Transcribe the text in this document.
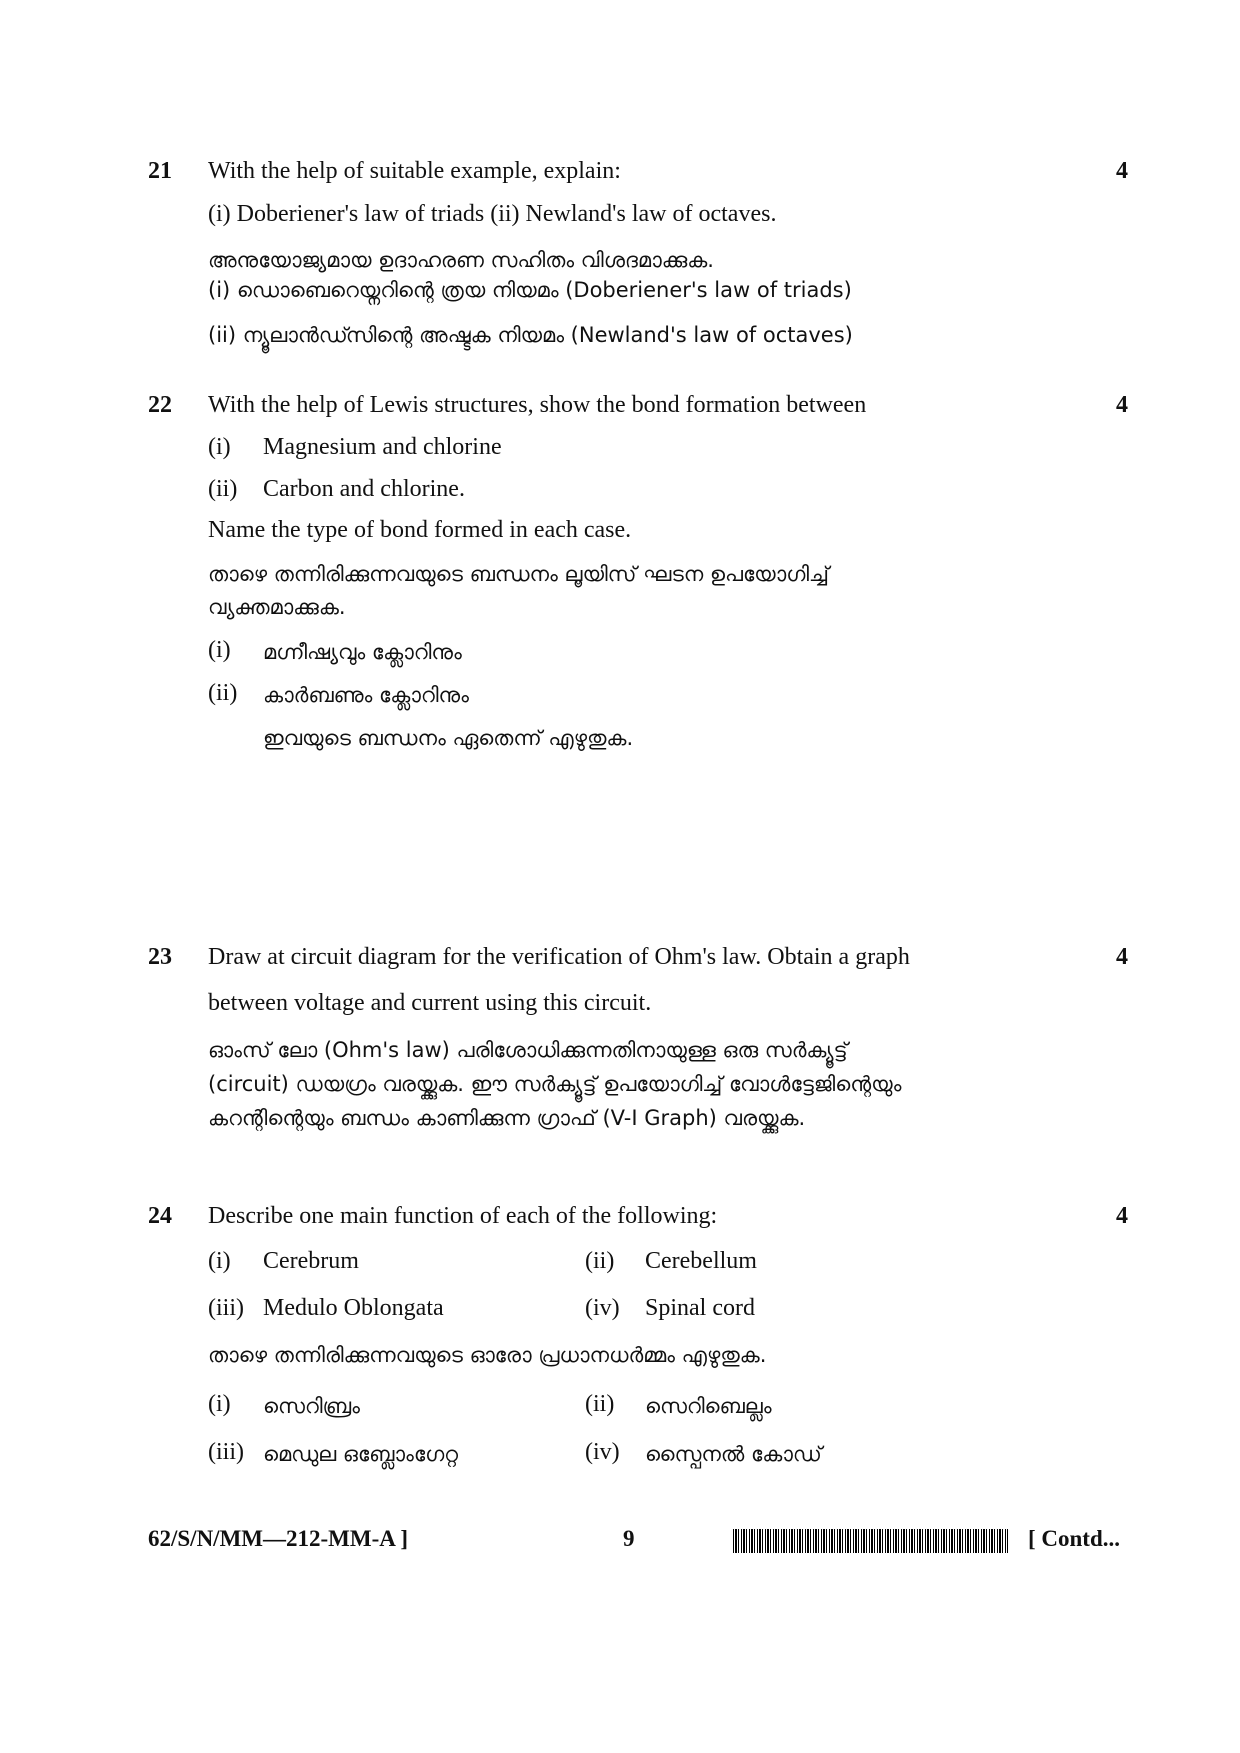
21	4
With the help of suitable example, explain:
(i) Doberiener's law of triads (ii) Newland's law of octaves.
അനുയോജ്യമായ ഉദാഹരണ സഹിതം വിശദമാക്കുക.
(i) ഡൊബെറെയ്നറിന്റെ ത്രയ നിയമം (Doberiener's law of triads)
(ii) ന്യൂലാൻഡ്സിന്റെ അഷ്ടക നിയമം (Newland's law of octaves)
22	4
With the help of Lewis structures, show the bond formation between
(i) Magnesium and chlorine
(ii) Carbon and chlorine.
Name the type of bond formed in each case.
താഴെ തന്നിരിക്കുന്നവയുടെ ബന്ധനം ലൂയിസ് ഘടന ഉപയോഗിച്ച്
വ്യക്തമാക്കുക.
(i) മഗ്നീഷ്യവും ക്ലോറിനും
(ii) കാർബണും ക്ലോറിനും
ഇവയുടെ ബന്ധനം ഏതെന്ന് എഴുതുക.
23	4
Draw at circuit diagram for the verification of Ohm's law. Obtain a graph
between voltage and current using this circuit.
ഓംസ് ലോ (Ohm's law) പരിശോധിക്കുന്നതിനായുള്ള ഒരു സർക്യൂട്ട്
(circuit) ഡയഗ്രം വരയ്ക്കുക. ഈ സർക്യൂട്ട് ഉപയോഗിച്ച് വോൾട്ടേജിന്റെയും
കറന്റിന്റെയും ബന്ധം കാണിക്കുന്ന ഗ്രാഫ് (V-I Graph) വരയ്ക്കുക.
24	4
Describe one main function of each of the following:
(i) Cerebrum	(ii) Cerebellum
(iii) Medulo Oblongata	(iv) Spinal cord
താഴെ തന്നിരിക്കുന്നവയുടെ ഓരോ പ്രധാനധർമ്മം എഴുതുക.
(i) സെറിബ്രം	(ii) സെറിബെല്ലം
(iii) മെഡുല ഒബ്ലോംഗേറ്റ	(iv) സ്പൈനൽ കോഡ്
62/S/N/MM—212-MM-A ]	9	[ Contd...
